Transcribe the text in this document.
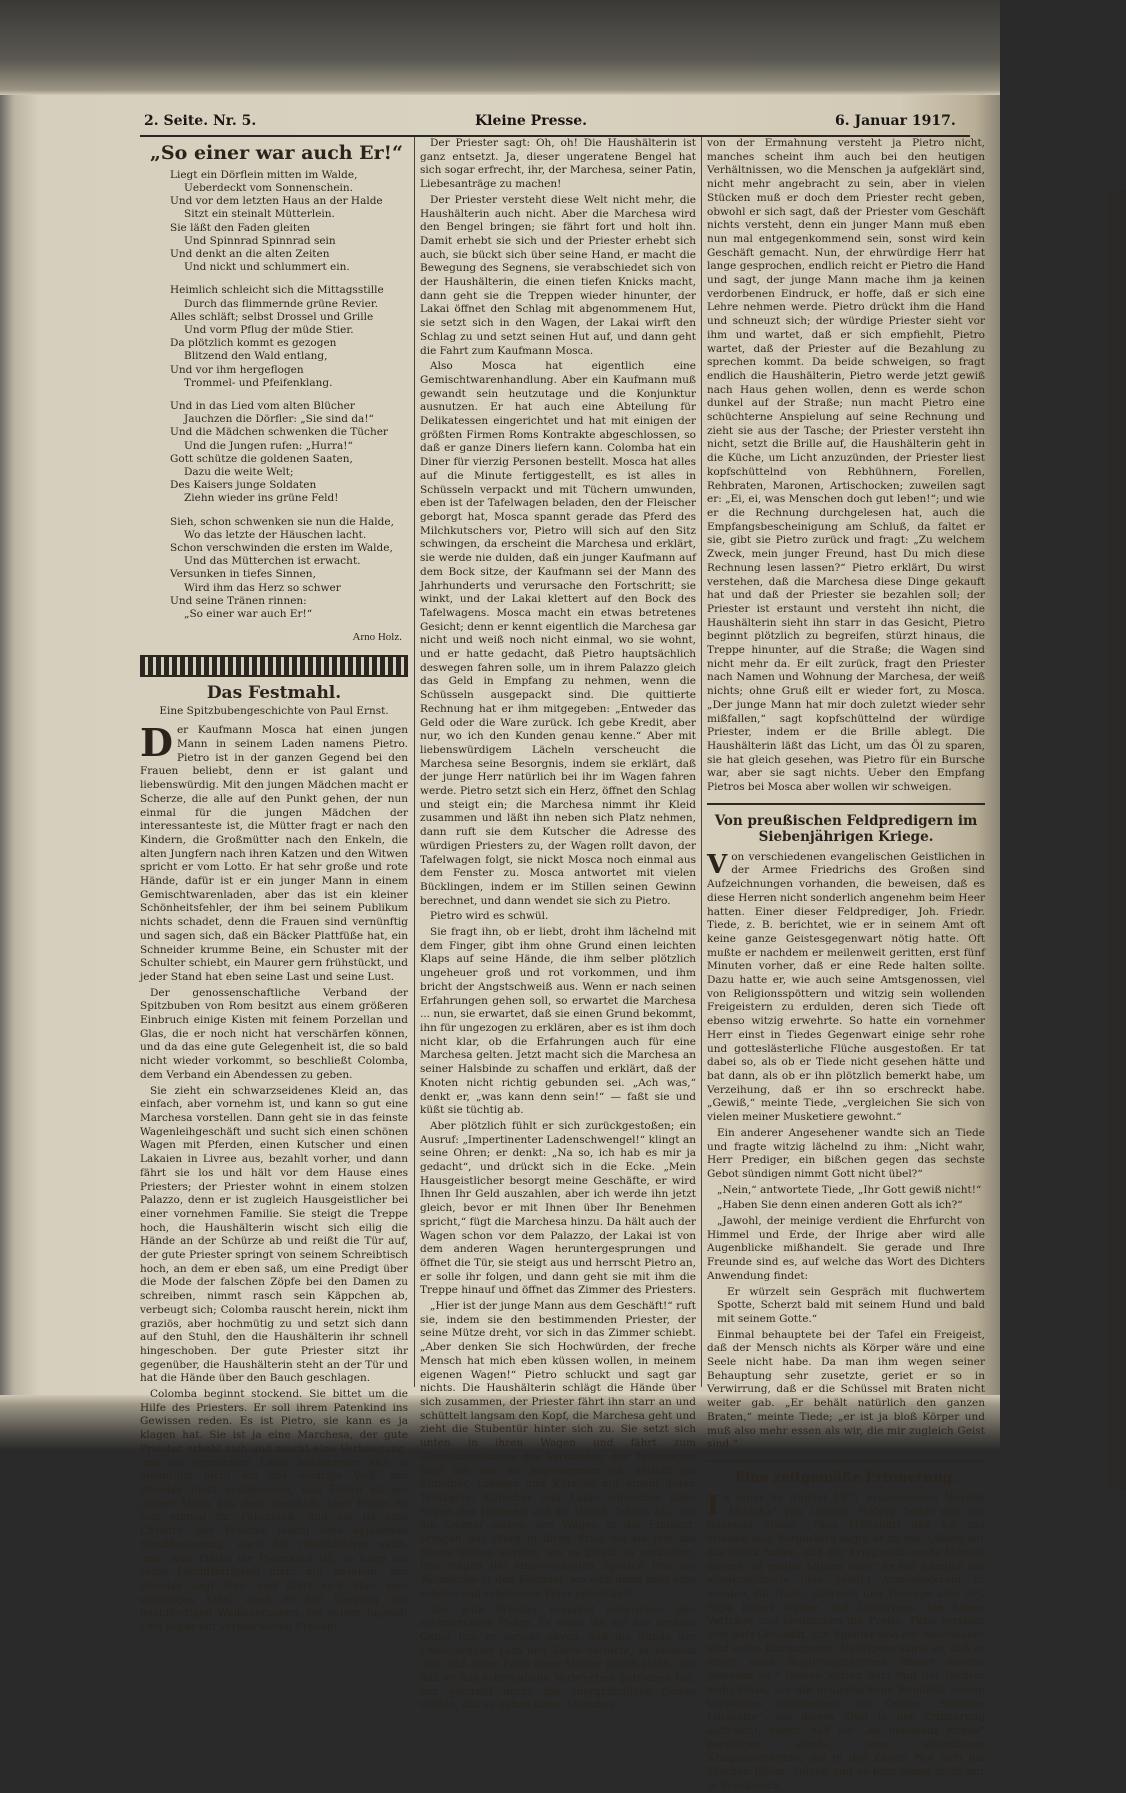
2. Seite. Nr. 5.	Kleine Presse.	6. Januar 1917.
„So einer war auch Er!“
Liegt ein Dörflein mitten im Walde,
Ueberdeckt vom Sonnenschein.
Und vor dem letzten Haus an der Halde
Sitzt ein steinalt Mütterlein.
Sie läßt den Faden gleiten
Und Spinnrad Spinnrad sein
Und denkt an die alten Zeiten
Und nickt und schlummert ein.
Heimlich schleicht sich die Mittagsstille
Durch das flimmernde grüne Revier.
Alles schläft; selbst Drossel und Grille
Und vorm Pflug der müde Stier.
Da plötzlich kommt es gezogen
Blitzend den Wald entlang,
Und vor ihm hergeflogen
Trommel- und Pfeifenklang.
Und in das Lied vom alten Blücher
Jauchzen die Dörfler: „Sie sind da!“
Und die Mädchen schwenken die Tücher
Und die Jungen rufen: „Hurra!“
Gott schütze die goldenen Saaten,
Dazu die weite Welt;
Des Kaisers junge Soldaten
Ziehn wieder ins grüne Feld!
Sieh, schon schwenken sie nun die Halde,
Wo das letzte der Häuschen lacht.
Schon verschwinden die ersten im Walde,
Und das Mütterchen ist erwacht.
Versunken in tiefes Sinnen,
Wird ihm das Herz so schwer
Und seine Tränen rinnen:
„So einer war auch Er!“
Arno Holz.
Das Festmahl.
Eine Spitzbubengeschichte von Paul Ernst.

Der Kaufmann Mosca hat einen jungen Mann in seinem Laden namens Pietro. Pietro ist in der ganzen Gegend bei den Frauen beliebt, denn er ist galant und liebenswürdig. Mit den jungen Mädchen macht er Scherze, die alle auf den Punkt gehen, der nun einmal für die jungen Mädchen der interessanteste ist, die Mütter fragt er nach den Kindern, die Großmütter nach den Enkeln, die alten Jungfern nach ihren Katzen und den Witwen spricht er vom Lotto. Er hat sehr große und rote Hände, dafür ist er ein junger Mann in einem Gemischtwarenladen, aber das ist ein kleiner Schönheitsfehler, der ihm bei seinem Publikum nichts schadet, denn die Frauen sind vernünftig und sagen sich, daß ein Bäcker Plattfüße hat, ein Schneider krumme Beine, ein Schuster mit der Schulter schiebt, ein Maurer gern frühstückt, und jeder Stand hat eben seine Last und seine Lust.

Der genossenschaftliche Verband der Spitzbuben von Rom besitzt aus einem größeren Einbruch einige Kisten mit feinem Porzellan und Glas, die er noch nicht hat verschärfen können, und da das eine gute Gelegenheit ist, die so bald nicht wieder vorkommt, so beschließt Colomba, dem Verband ein Abendessen zu geben.

Sie zieht ein schwarzseidenes Kleid an, das einfach, aber vornehm ist, und kann so gut eine Marchesa vorstellen. Dann geht sie in das feinste Wagenleihgeschäft und sucht sich einen schönen Wagen mit Pferden, einen Kutscher und einen Lakaien in Livree aus, bezahlt vorher, und dann fährt sie los und hält vor dem Hause eines Priesters; der Priester wohnt in einem stolzen Palazzo, denn er ist zugleich Hausgeistlicher bei einer vornehmen Familie. Sie steigt die Treppe hoch, die Haushälterin wischt sich eilig die Hände an der Schürze ab und reißt die Tür auf, der gute Priester springt von seinem Schreibtisch hoch, an dem er eben saß, um eine Predigt über die Mode der falschen Zöpfe bei den Damen zu schreiben, nimmt rasch sein Käppchen ab, verbeugt sich; Colomba rauscht herein, nickt ihm graziös, aber hochmütig zu und setzt sich dann auf den Stuhl, den die Haushälterin ihr schnell hingeschoben. Der gute Priester sitzt ihr gegenüber, die Haushälterin steht an der Tür und hat die Hände über den Bauch geschlagen.

Colomba beginnt stockend. Sie bittet um die Hilfe des Priesters. Er soll ihrem Patenkind ins Gewissen reden. Es ist Pietro, sie kann es ja klagen hat. Sie ist ja eine Marchesa, der gute Priester erhebt sich und macht eine Verbeugung, und die vornehmen Leute bekümmern sich ja eigentlich nicht um das niedrige Volk, der Priester nickt zustimmend, und Pietro ist ein junger Mann aus dem Geschäft, aber Pietro ist nun einmal ihr Patenkind, und sie ist eine Christin, der Priester macht eine bejahende Handbewegung, auch die Haushälterin nickt, und, weil Pietro ihr Patenkind ist, so kann sie seine Leichtfertigkeit nicht mit ansehen, der Priester sagt Hm! und fährt sich über sein stoppliges Kinn, denn er hat Umgang mit leichtfertigen Weibspersonen, bei seiner Jugend! Und sogar mit verheirateten Frauen!

Der Priester sagt: Oh, oh! Die Haushälterin ist ganz entsetzt. Ja, dieser ungeratene Bengel hat sich sogar erfrecht, ihr, der Marchesa, seiner Patin, Liebesanträge zu machen!

Der Priester versteht diese Welt nicht mehr, die Haushälterin auch nicht. Aber die Marchesa wird den Bengel bringen; sie fährt fort und holt ihn. Damit erhebt sie sich und der Priester erhebt sich auch, sie bückt sich über seine Hand, er macht die Bewegung des Segnens, sie verabschiedet sich von der Haushälterin, die einen tiefen Knicks macht, dann geht sie die Treppen wieder hinunter, der Lakai öffnet den Schlag mit abgenommenem Hut, sie setzt sich in den Wagen, der Lakai wirft den Schlag zu und setzt seinen Hut auf, und dann geht die Fahrt zum Kaufmann Mosca.

Also Mosca hat eigentlich eine Gemischtwarenhandlung. Aber ein Kaufmann muß gewandt sein heutzutage und die Konjunktur ausnutzen. Er hat auch eine Abteilung für Delikatessen eingerichtet und hat mit einigen der größten Firmen Roms Kontrakte abgeschlossen, so daß er ganze Diners liefern kann. Colomba hat ein Diner für vierzig Personen bestellt. Mosca hat alles auf die Minute fertiggestellt, es ist alles in Schüsseln verpackt und mit Tüchern umwunden, eben ist der Tafelwagen beladen, den der Fleischer geborgt hat, Mosca spannt gerade das Pferd des Milchkutschers vor, Pietro will sich auf den Sitz schwingen, da erscheint die Marchesa und erklärt, sie werde nie dulden, daß ein junger Kaufmann auf dem Bock sitze, der Kaufmann sei der Mann des Jahrhunderts und verursache den Fortschritt; sie winkt, und der Lakai klettert auf den Bock des Tafelwagens. Mosca macht ein etwas betretenes Gesicht; denn er kennt eigentlich die Marchesa gar nicht und weiß noch nicht einmal, wo sie wohnt, und er hatte gedacht, daß Pietro hauptsächlich deswegen fahren solle, um in ihrem Palazzo gleich das Geld in Empfang zu nehmen, wenn die Schüsseln ausgepackt sind. Die quittierte Rechnung hat er ihm mitgegeben: „Entweder das Geld oder die Ware zurück. Ich gebe Kredit, aber nur, wo ich den Kunden genau kenne.“ Aber mit liebenswürdigem Lächeln verscheucht die Marchesa seine Besorgnis, indem sie erklärt, daß der junge Herr natürlich bei ihr im Wagen fahren werde. Pietro setzt sich ein Herz, öffnet den Schlag und steigt ein; die Marchesa nimmt ihr Kleid zusammen und läßt ihn neben sich Platz nehmen, dann ruft sie dem Kutscher die Adresse des würdigen Priesters zu, der Wagen rollt davon, der Tafelwagen folgt, sie nickt Mosca noch einmal aus dem Fenster zu. Mosca antwortet mit vielen Bücklingen, indem er im Stillen seinen Gewinn berechnet, und dann wendet sie sich zu Pietro.

Pietro wird es schwül.

Sie fragt ihn, ob er liebt, droht ihm lächelnd mit dem Finger, gibt ihm ohne Grund einen leichten Klaps auf seine Hände, die ihm selber plötzlich ungeheuer groß und rot vorkommen, und ihm bricht der Angstschweiß aus. Wenn er nach seinen Erfahrungen gehen soll, so erwartet die Marchesa ... nun, sie erwartet, daß sie einen Grund bekommt, ihn für ungezogen zu erklären, aber es ist ihm doch nicht klar, ob die Erfahrungen auch für eine Marchesa gelten. Jetzt macht sich die Marchesa an seiner Halsbinde zu schaffen und erklärt, daß der Knoten nicht richtig gebunden sei. „Ach was,“ denkt er, „was kann denn sein!“ — faßt sie und küßt sie tüchtig ab.

Aber plötzlich fühlt er sich zurückgestoßen; ein Ausruf: „Impertinenter Ladenschwengel!“ klingt an seine Ohren; er denkt: „Na so, ich hab es mir ja gedacht“, und drückt sich in die Ecke. „Mein Hausgeistlicher besorgt meine Geschäfte, er wird Ihnen Ihr Geld auszahlen, aber ich werde ihn jetzt gleich, bevor er mit Ihnen über Ihr Benehmen spricht,“ fügt die Marchesa hinzu. Da hält auch der Wagen schon vor dem Palazzo, der Lakai ist von dem anderen Wagen heruntergesprungen und öffnet die Tür, sie steigt aus und herrscht Pietro an, er solle ihr folgen, und dann geht sie mit ihm die Treppe hinauf und öffnet das Zimmer des Priesters.

„Hier ist der junge Mann aus dem Geschäft!“ ruft sie, indem sie den bestimmenden Priester, der seine Mütze dreht, vor sich in das Zimmer schiebt. „Aber denken Sie sich Hochwürden, der freche Mensch hat mich eben küssen wollen, in meinem eigenen Wagen!“ Pietro schluckt und sagt gar nichts. Die Haushälterin schlägt die Hände über sich zusammen, der Priester fährt ihn starr an und schüttelt langsam den Kopf, die Marchesa geht und zieht die Stubentür hinter sich zu. Sie setzt sich unten in ihren Wagen und fährt zum Gesellschaftshaus des Verbandes, der Tafelwagen folgt ihr; wie sie angekommen ist, entläßt sie Kutscher, Lakaien und Kutsche mit einem guten Trinkgeld; Kutscher und Lakai wünschen allen Segen des Himmels auf ihr Haupt, fahren ab, und die Gauner ziehen den Wagen in die Einfahrt, bringen das Pferd in ihren Stall, wo sie ihm die Haare färben werden, um es gleich zu verkaufen, und tragen die eingewickelten Speisen und die Weinkörbe in den Festsaal, wo sich dann bald eine schöne und erhebende Feier entwickelt.

Der gute Priester ermahnt inzwischen den zerknirschten Pietro. Er weist ihn auf das sechste Gebot hin, er spricht davon, daß die Sünde der Unkeuschheit Leib und Seele verdirbt, er beweist ihm, daß seine Patin einer Mutter gleich steht, und daß er das schreckliche Verbrechen getrieben hat, nur gestreift durch die unergründliche Gnade Gottes, das es geben kann. Manches

von der Ermahnung versteht ja Pietro nicht, manches scheint ihm auch bei den heutigen Verhältnissen, wo die Menschen ja aufgeklärt sind, nicht mehr angebracht zu sein, aber in vielen Stücken muß er doch dem Priester recht geben, obwohl er sich sagt, daß der Priester vom Geschäft nichts versteht, denn ein junger Mann muß eben nun mal entgegenkommend sein, sonst wird kein Geschäft gemacht. Nun, der ehrwürdige Herr hat lange gesprochen, endlich reicht er Pietro die Hand und sagt, der junge Mann mache ihm ja keinen verdorbenen Eindruck, er hoffe, daß er sich eine Lehre nehmen werde. Pietro drückt ihm die Hand und schneuzt sich; der würdige Priester sieht vor ihm und wartet, daß er sich empfiehlt, Pietro wartet, daß der Priester auf die Bezahlung zu sprechen kommt. Da beide schweigen, so fragt endlich die Haushälterin, Pietro werde jetzt gewiß nach Haus gehen wollen, denn es werde schon dunkel auf der Straße; nun macht Pietro eine schüchterne Anspielung auf seine Rechnung und zieht sie aus der Tasche; der Priester versteht ihn nicht, setzt die Brille auf, die Haushälterin geht in die Küche, um Licht anzuzünden, der Priester liest kopfschüttelnd von Rebhühnern, Forellen, Rehbraten, Maronen, Artischocken; zuweilen sagt er: „Ei, ei, was Menschen doch gut leben!“; und wie er die Rechnung durchgelesen hat, auch die Empfangsbescheinigung am Schluß, da faltet er sie, gibt sie Pietro zurück und fragt: „Zu welchem Zweck, mein junger Freund, hast Du mich diese Rechnung lesen lassen?“ Pietro erklärt, Du wirst verstehen, daß die Marchesa diese Dinge gekauft hat und daß der Priester sie bezahlen soll; der Priester ist erstaunt und versteht ihn nicht, die Haushälterin sieht ihn starr in das Gesicht, Pietro beginnt plötzlich zu begreifen, stürzt hinaus, die Treppe hinunter, auf die Straße; die Wagen sind nicht mehr da. Er eilt zurück, fragt den Priester nach Namen und Wohnung der Marchesa, der weiß nichts; ohne Gruß eilt er wieder fort, zu Mosca. „Der junge Mann hat mir doch zuletzt wieder sehr mißfallen,“ sagt kopfschüttelnd der würdige Priester, indem er die Brille ablegt. Die Haushälterin läßt das Licht, um das Öl zu sparen, sie hat gleich gesehen, was Pietro für ein Bursche war, aber sie sagt nichts. Ueber den Empfang Pietros bei Mosca aber wollen wir schweigen.

Von preußischen Feldpredigern im Siebenjährigen Kriege.

Von verschiedenen evangelischen Geistlichen in der Armee Friedrichs des Großen sind Aufzeichnungen vorhanden, die beweisen, daß es diese Herren nicht sonderlich angenehm beim Heer hatten. Einer dieser Feldprediger, Joh. Friedr. Tiede, z. B. berichtet, wie er in seinem Amt oft keine ganze Geistesgegenwart nötig hatte. Oft mußte er nachdem er meilenweit geritten, erst fünf Minuten vorher, daß er eine Rede halten sollte. Dazu hatte er, wie auch seine Amtsgenossen, viel von Religionsspöttern und witzig sein wollenden Freigeistern zu erdulden, deren sich Tiede oft ebenso witzig erwehrte. So hatte ein vornehmer Herr einst in Tiedes Gegenwart einige sehr rohe und gotteslästerliche Flüche ausgestoßen. Er tat dabei so, als ob er Tiede nicht gesehen hätte und bat dann, als ob er ihn plötzlich bemerkt habe, um Verzeihung, daß er ihn so erschreckt habe. „Gewiß,“ meinte Tiede, „vergleichen Sie sich von vielen meiner Musketiere gewohnt.“

Ein anderer Angesehener wandte sich an Tiede und fragte witzig lächelnd zu ihm: „Nicht wahr, Herr Prediger, ein bißchen gegen das sechste Gebot sündigen nimmt Gott nicht übel?“

„Nein,“ antwortete Tiede, „Ihr Gott gewiß nicht!“

„Haben Sie denn einen anderen Gott als ich?“

„Jawohl, der meinige verdient die Ehrfurcht von Himmel und Erde, der Ihrige aber wird alle Augenblicke mißhandelt. Sie gerade und Ihre Freunde sind es, auf welche das Wort des Dichters Anwendung findet:

Er würzelt sein Gespräch mit fluchwertem Spotte, Scherzt bald mit seinem Hund und bald mit seinem Gotte.“

Einmal behauptete bei der Tafel ein Freigeist, daß der Mensch nichts als Körper wäre und eine Seele nicht habe. Da man ihm wegen seiner Behauptung sehr zusetzte, geriet er so in Verwirrung, daß er die Schüssel mit Braten nicht weiter gab. „Er behält natürlich den ganzen Braten,“ meinte Tiede; „er ist ja bloß Körper und muß also mehr essen als wir, die mir zugleich Geist sind.“

Eine zeitgemäße Erinnerung.

In einer im August 1871 erschienenen Novelle „Minicha“ von Ludovic Halévy findet sich die folgende Stelle: „Papa Millionär! daß ich das erleben soll! Vorgestern sagte er zu mir: „Wenn wir das Glück haben, daß der Krieg noch sechs Monate dauert, ist meine Million voll!“ Er hat nämlich die ausgezeichnete Idee gehabt Armeelieferant zu werden, für Hafer, Getreide und Fourage aller Art. Papa liefert Waffen und Uniformen. Sie haben Verträge und bestimmen die Preise. Papa versteht sich aufs Geschäft. Ein Spanier und ein Amerikaner sind seine Kompagnons. Uebrigens sagte er, daß es unter allen Regierungsformen immer ebenso gewesen ist.“ Diesen letzten Satz fügt der Dichter wohl hinzu, um die neugebackene Republik seinen Vorwürfen auszusetzen. Die Genfer „Semaine Littéraire“, die dieses Zitat in der Erinnerung auffrischt, meint, daß sie „les nouveaux riches“ beruhigen würde, jene schamlosen Kriegslieferanten, die in der Zeiten Not sich die Taschen füllen. Solche gibt es jetzt leider nicht nur in Frankreich.
